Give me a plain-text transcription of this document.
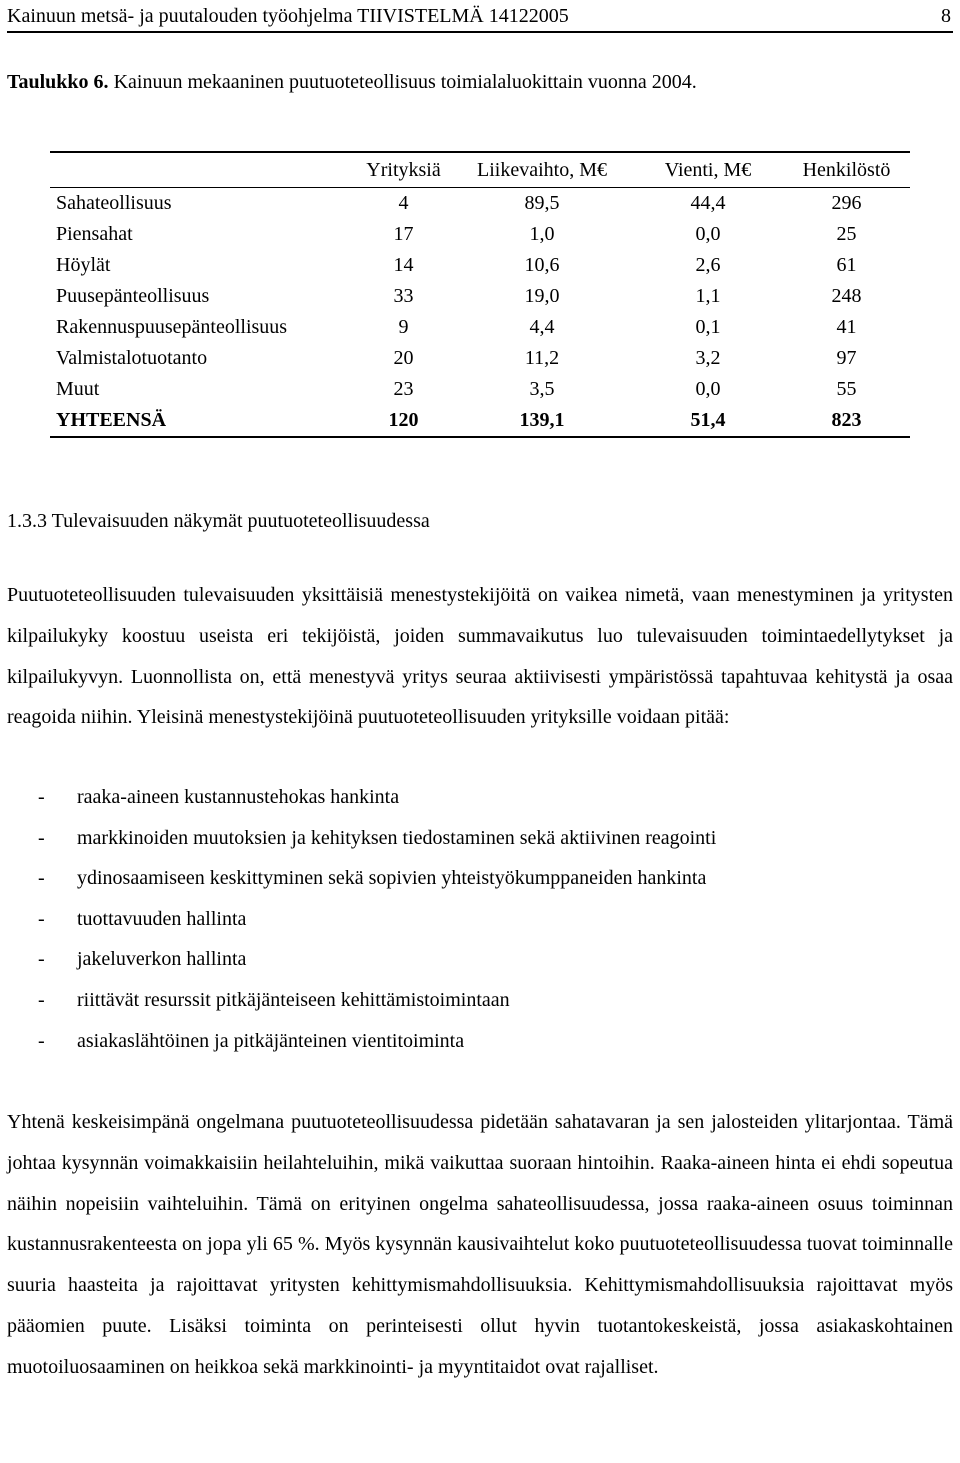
Kainuun metsä- ja puutalouden työohjelma TIIVISTELMÄ 14122005	8
Taulukko 6. Kainuun mekaaninen puutuoteteollisuus toimialaluokittain vuonna 2004.
	Yrityksiä	Liikevaihto, M€	Vienti, M€	Henkilöstö
Sahateollisuus	4	89,5	44,4	296
Piensahat	17	1,0	0,0	25
Höylät	14	10,6	2,6	61
Puusepänteollisuus	33	19,0	1,1	248
Rakennuspuusepänteollisuus	9	4,4	0,1	41
Valmistalotuotanto	20	11,2	3,2	97
Muut	23	3,5	0,0	55
YHTEENSÄ	120	139,1	51,4	823
1.3.3 Tulevaisuuden näkymät puutuoteteollisuudessa

Puutuoteteollisuuden tulevaisuuden yksittäisiä menestystekijöitä on vaikea nimetä, vaan menestyminen ja yritysten kilpailukyky koostuu useista eri tekijöistä, joiden summavaikutus luo tulevaisuuden toimintaedellytykset ja kilpailukyvyn. Luonnollista on, että menestyvä yritys seuraa aktiivisesti ympäristössä tapahtuvaa kehitystä ja osaa reagoida niihin. Yleisinä menestystekijöinä puutuoteteollisuuden yrityksille voidaan pitää:

- raaka-aineen kustannustehokas hankinta
- markkinoiden muutoksien ja kehityksen tiedostaminen sekä aktiivinen reagointi
- ydinosaamiseen keskittyminen sekä sopivien yhteistyökumppaneiden hankinta
- tuottavuuden hallinta
- jakeluverkon hallinta
- riittävät resurssit pitkäjänteiseen kehittämistoimintaan
- asiakaslähtöinen ja pitkäjänteinen vientitoiminta

Yhtenä keskeisimpänä ongelmana puutuoteteollisuudessa pidetään sahatavaran ja sen jalosteiden ylitarjontaa. Tämä johtaa kysynnän voimakkaisiin heilahteluihin, mikä vaikuttaa suoraan hintoihin. Raaka-aineen hinta ei ehdi sopeutua näihin nopeisiin vaihteluihin. Tämä on erityinen ongelma sahateollisuudessa, jossa raaka-aineen osuus toiminnan kustannusrakenteesta on jopa yli 65 %. Myös kysynnän kausivaihtelut koko puutuoteteollisuudessa tuovat toiminnalle suuria haasteita ja rajoittavat yritysten kehittymismahdollisuuksia. Kehittymismahdollisuuksia rajoittavat myös pääomien puute. Lisäksi toiminta on perinteisesti ollut hyvin tuotantokeskeistä, jossa asiakaskohtainen muotoiluosaaminen on heikkoa sekä markkinointi- ja myyntitaidot ovat rajalliset.
